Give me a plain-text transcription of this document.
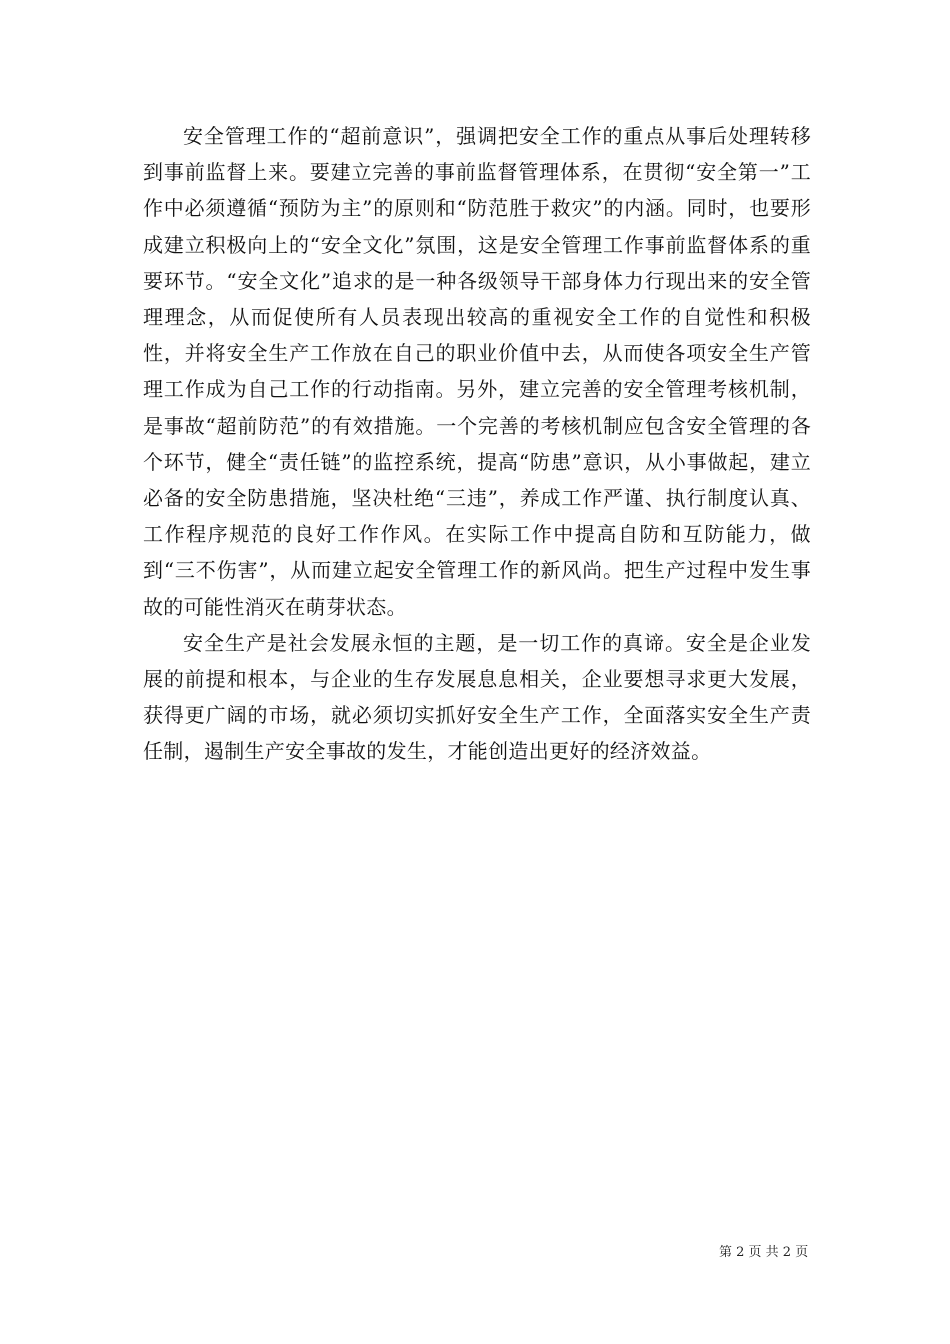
安全管理工作的“超前意识”，强调把安全工作的重点从事后处理转移到事前监督上来。要建立完善的事前监督管理体系，在贯彻“安全第一”工作中必须遵循“预防为主”的原则和“防范胜于救灾”的内涵。同时，也要形成建立积极向上的“安全文化”氛围，这是安全管理工作事前监督体系的重要环节。“安全文化”追求的是一种各级领导干部身体力行现出来的安全管理理念，从而促使所有人员表现出较高的重视安全工作的自觉性和积极性，并将安全生产工作放在自己的职业价值中去，从而使各项安全生产管理工作成为自己工作的行动指南。另外，建立完善的安全管理考核机制，是事故“超前防范”的有效措施。一个完善的考核机制应包含安全管理的各个环节，健全“责任链”的监控系统，提高“防患”意识，从小事做起，建立必备的安全防患措施，坚决杜绝“三违”，养成工作严谨、执行制度认真、工作程序规范的良好工作作风。在实际工作中提高自防和互防能力，做到“三不伤害”，从而建立起安全管理工作的新风尚。把生产过程中发生事故的可能性消灭在萌芽状态。

安全生产是社会发展永恒的主题，是一切工作的真谛。安全是企业发展的前提和根本，与企业的生存发展息息相关，企业要想寻求更大发展，获得更广阔的市场，就必须切实抓好安全生产工作，全面落实安全生产责任制，遏制生产安全事故的发生，才能创造出更好的经济效益。

第 2 页 共 2 页
